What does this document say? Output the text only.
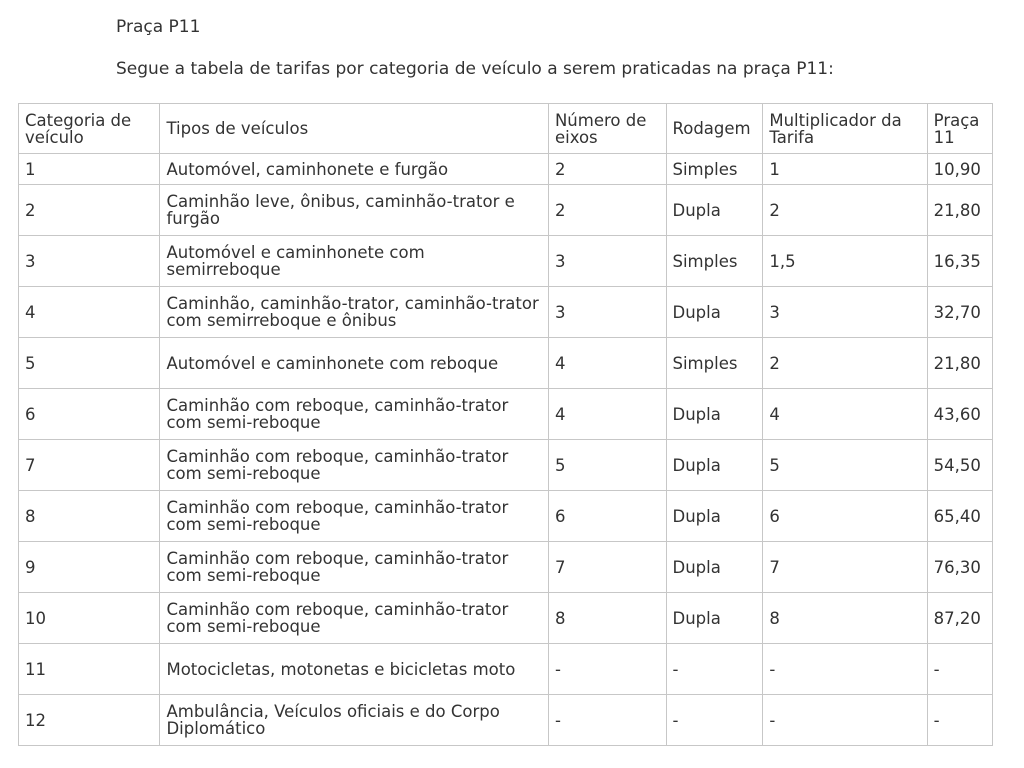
Praça P11

Segue a tabela de tarifas por categoria de veículo a serem praticadas na praça P11:

Categoria de veículo	Tipos de veículos	Número de eixos	Rodagem	Multiplicador da Tarifa	Praça 11
1	Automóvel, caminhonete e furgão	2	Simples	1	10,90
2	Caminhão leve, ônibus, caminhão-trator e furgão	2	Dupla	2	21,80
3	Automóvel e caminhonete com semirreboque	3	Simples	1,5	16,35
4	Caminhão, caminhão-trator, caminhão-trator com semirreboque e ônibus	3	Dupla	3	32,70
5	Automóvel e caminhonete com reboque	4	Simples	2	21,80
6	Caminhão com reboque, caminhão-trator com semi-reboque	4	Dupla	4	43,60
7	Caminhão com reboque, caminhão-trator com semi-reboque	5	Dupla	5	54,50
8	Caminhão com reboque, caminhão-trator com semi-reboque	6	Dupla	6	65,40
9	Caminhão com reboque, caminhão-trator com semi-reboque	7	Dupla	7	76,30
10	Caminhão com reboque, caminhão-trator com semi-reboque	8	Dupla	8	87,20
11	Motocicletas, motonetas e bicicletas moto	-	-	-	-
12	Ambulância, Veículos oficiais e do Corpo Diplomático	-	-	-	-
